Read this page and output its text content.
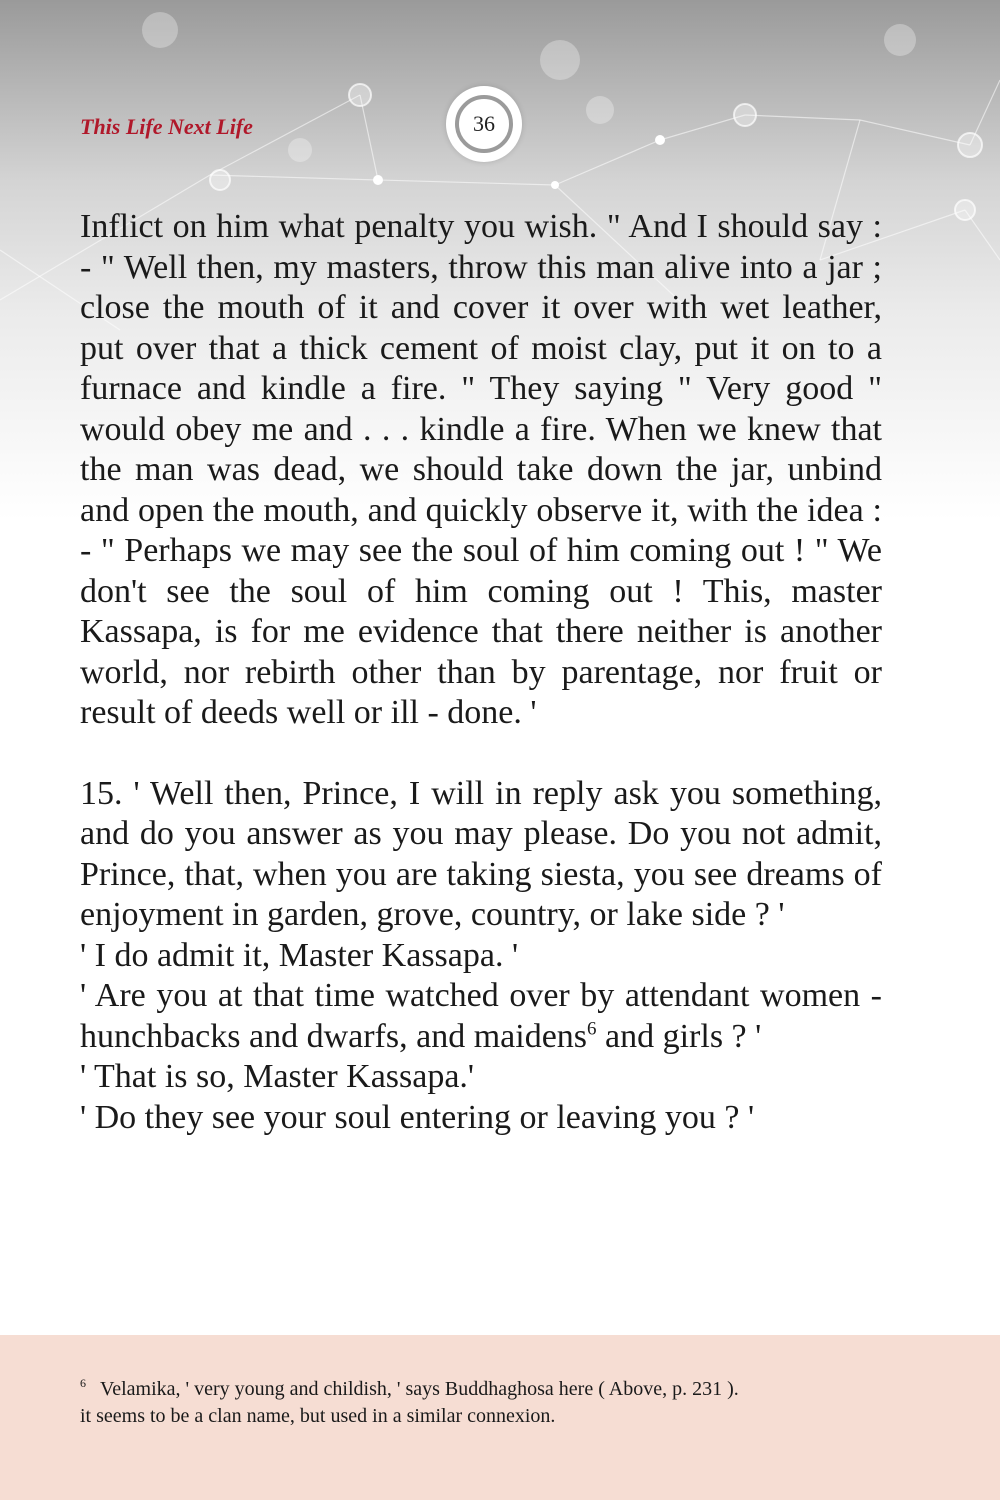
This Life Next Life	36

Inflict on him what penalty you wish. " And I should say : - " Well then, my masters, throw this man alive into a jar ; close the mouth of it and cover it over with wet leather, put over that a thick cement of moist clay, put it on to a furnace and kindle a fire. " They saying " Very good " would obey me and . . . kindle a fire. When we knew that the man was dead, we should take down the jar, unbind and open the mouth, and quickly observe it, with the idea : - " Perhaps we may see the soul of him coming out ! " We don't see the soul of him coming out ! This, master Kassapa, is for me evidence that there neither is another world, nor rebirth other than by parentage, nor fruit or result of deeds well or ill - done. '

15. ' Well then, Prince, I will in reply ask you something, and do you answer as you may please. Do you not admit, Prince, that, when you are taking siesta, you see dreams of enjoyment in garden, grove, country, or lake side ? '

' I do admit it, Master Kassapa. '

' Are you at that time watched over by attendant women - hunchbacks and dwarfs, and maidens$^6$ and girls ? '

' That is so, Master Kassapa.'

' Do they see your soul entering or leaving you ? '

$^6$ Velamika, ' very young and childish, ' says Buddhaghosa here ( Above, p. 231 ).
it seems to be a clan name, but used in a similar connexion.
